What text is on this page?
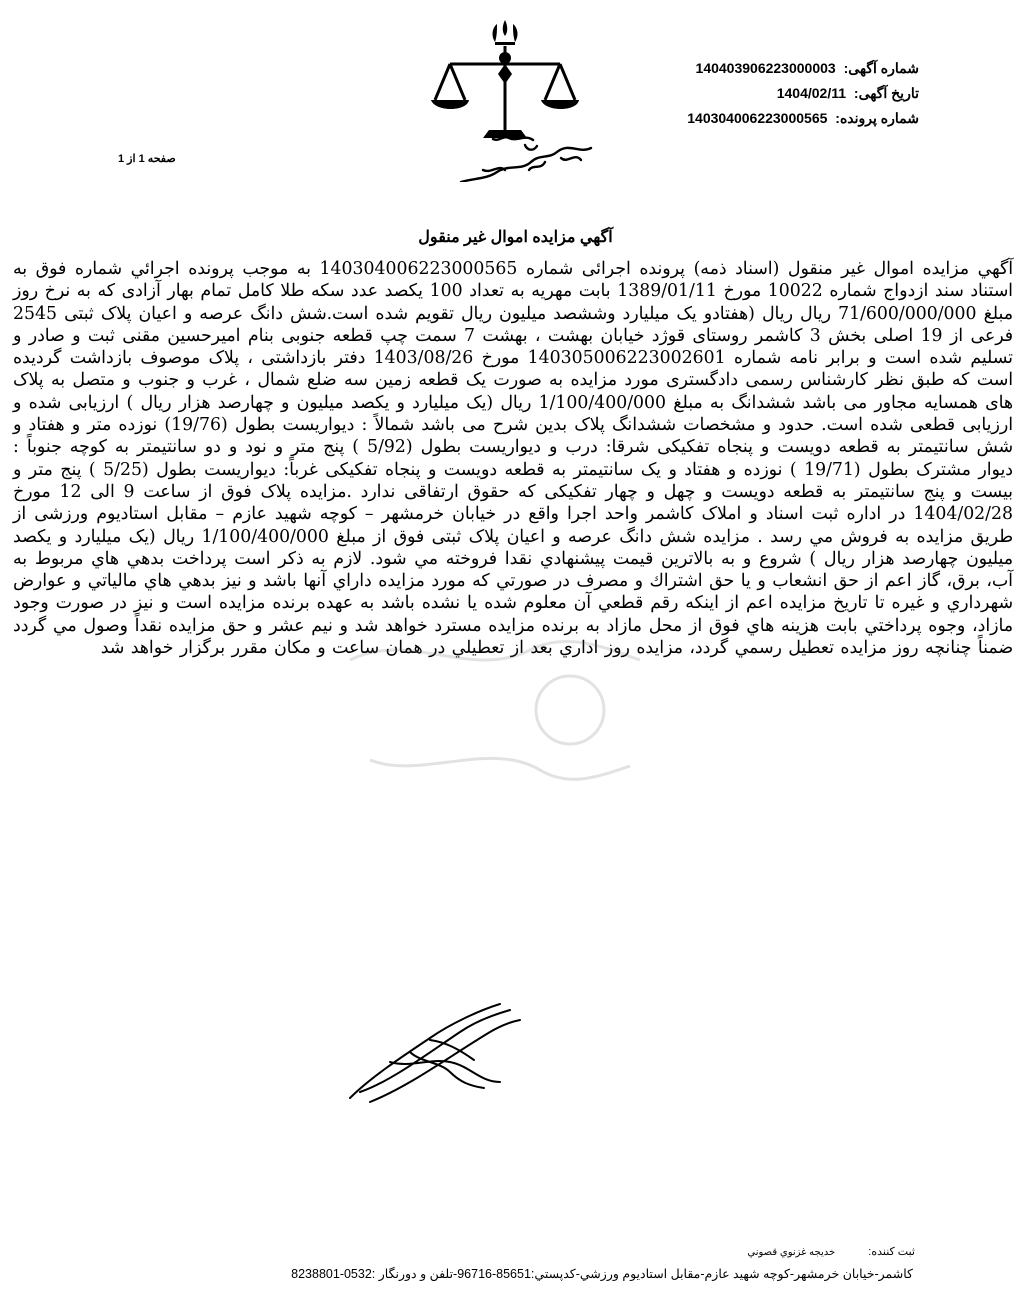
شماره آگهی: 140403906223000003
تاریخ آگهی: 1404/02/11
شماره پرونده: 140304006223000565
صفحه 1 از 1
آگهي مزايده اموال غير منقول
آگهي مزايده اموال غير منقول (اسناد ذمه) پرونده اجرائی شماره 140304006223000565 به موجب پرونده اجرائي شماره فوق به استناد سند ازدواج شماره 10022 مورخ 1389/01/11 بابت مهريه به تعداد 100 يكصد عدد سكه طلا كامل تمام بهار آزادی كه به نرخ روز مبلغ 71/600/000/000 ريال ريال (هفتادو يک ميليارد وششصد ميليون ريال تقويم شده است.شش دانگ عرصه و اعيان پلاک ثبتی 2545 فرعی از 19 اصلی بخش 3 كاشمر روستای قوژد خيابان بهشت ، بهشت 7 سمت چپ قطعه جنوبی بنام اميرحسين مقنی ثبت و صادر و تسليم شده است و برابر نامه شماره 140305006223002601 مورخ 1403/08/26 دفتر بازداشتی ، پلاک موصوف بازداشت گرديده است كه طبق نظر كارشناس رسمی دادگستری مورد مزايده به صورت يک قطعه زمين سه ضلع شمال ، غرب و جنوب و متصل به پلاک های همسايه مجاور می باشد ششدانگ به مبلغ 1/100/400/000 ريال (يک ميليارد و يكصد ميليون و چهارصد هزار ريال ) ارزيابی شده و ارزيابی قطعی شده است. حدود و مشخصات ششدانگ پلاک بدين شرح می باشد شمالاً : ديواريست بطول (19/76) نوزده متر و هفتاد و شش سانتيمتر به قطعه دويست و پنجاه تفكيكی شرقا: درب و ديواريست بطول (5/92 ) پنج متر و نود و دو سانتيمتر به كوچه جنوباً : ديوار مشترک بطول (19/71 ) نوزده و هفتاد و يک سانتيمتر به قطعه دويست و پنجاه تفكيكی غرباً: ديواريست بطول (5/25 ) پنج متر و بيست و پنج سانتيمتر به قطعه دويست و چهل و چهار تفكيكی كه حقوق ارتفاقی ندارد .مزايده پلاک فوق از ساعت 9 الی 12 مورخ 1404/02/28 در اداره ثبت اسناد و املاک كاشمر واحد اجرا واقع در خيابان خرمشهر – كوچه شهيد عازم – مقابل استاديوم ورزشی از طريق مزايده به فروش مي رسد . مزايده شش دانگ عرصه و اعيان پلاک ثبتی فوق از مبلغ 1/100/400/000 ريال (يک ميليارد و يكصد ميليون چهارصد هزار ريال ) شروع و به بالاترين قيمت پيشنهادي نقدا فروخته مي شود. لازم به ذكر است پرداخت بدهي هاي مربوط به آب، برق، گاز اعم از حق انشعاب و يا حق اشتراك و مصرف در صورتي كه مورد مزايده داراي آنها باشد و نيز بدهي هاي مالياتي و عوارض شهرداري و غيره تا تاريخ مزايده اعم از اينكه رقم قطعي آن معلوم شده يا نشده باشد به عهده برنده مزايده است و نيز در صورت وجود مازاد، وجوه پرداختي بابت هزينه هاي فوق از محل مازاد به برنده مزايده مسترد خواهد شد و نيم عشر و حق مزايده نقداً وصول مي گردد ضمناً چنانچه روز مزايده تعطيل رسمي گردد، مزايده روز اداري بعد از تعطيلي در همان ساعت و مكان مقرر برگزار خواهد شد
ثبت کننده: خديجه غزنوي قصوني
كاشمر-خيابان خرمشهر-كوچه شهيد عازم-مقابل استاديوم ورزشي-كدپستي:85651-96716-تلفن و دورنگار :0532-8238801
